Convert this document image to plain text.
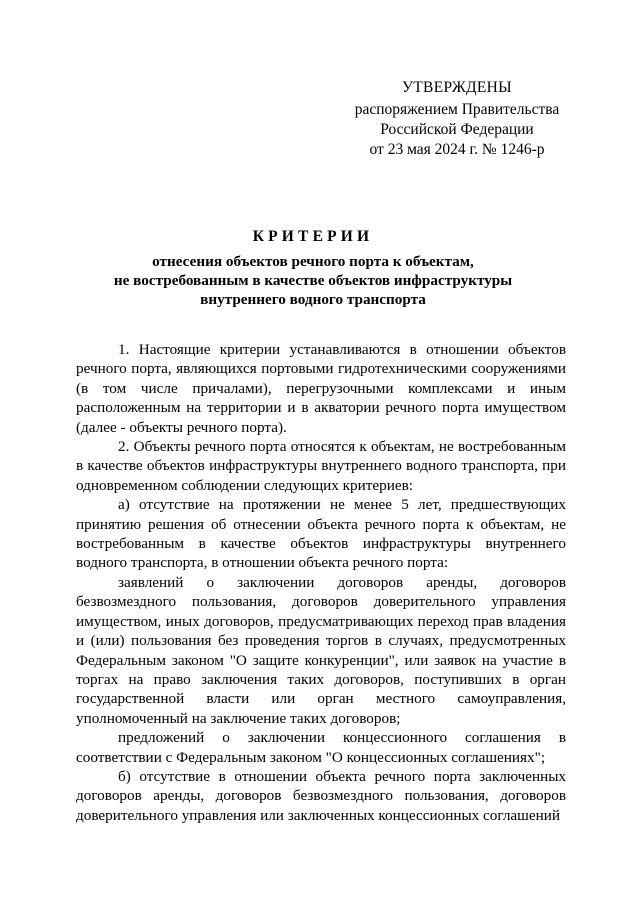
УТВЕРЖДЕНЫ
распоряжением Правительства
Российской Федерации
от 23 мая 2024 г. № 1246-р
КРИТЕРИИ
отнесения объектов речного порта к объектам,
не востребованным в качестве объектов инфраструктуры
внутреннего водного транспорта

1. Настоящие критерии устанавливаются в отношении объектов речного порта, являющихся портовыми гидротехническими сооружениями (в том числе причалами), перегрузочными комплексами и иным расположенным на территории и в акватории речного порта имуществом (далее - объекты речного порта).

2. Объекты речного порта относятся к объектам, не востребованным в качестве объектов инфраструктуры внутреннего водного транспорта, при одновременном соблюдении следующих критериев:

а) отсутствие на протяжении не менее 5 лет, предшествующих принятию решения об отнесении объекта речного порта к объектам, не востребованным в качестве объектов инфраструктуры внутреннего водного транспорта, в отношении объекта речного порта:

заявлений о заключении договоров аренды, договоров безвозмездного пользования, договоров доверительного управления имуществом, иных договоров, предусматривающих переход прав владения и (или) пользования без проведения торгов в случаях, предусмотренных Федеральным законом "О защите конкуренции", или заявок на участие в торгах на право заключения таких договоров, поступивших в орган государственной власти или орган местного самоуправления, уполномоченный на заключение таких договоров;

предложений о заключении концессионного соглашения в соответствии с Федеральным законом "О концессионных соглашениях";

б) отсутствие в отношении объекта речного порта заключенных договоров аренды, договоров безвозмездного пользования, договоров доверительного управления или заключенных концессионных соглашений
